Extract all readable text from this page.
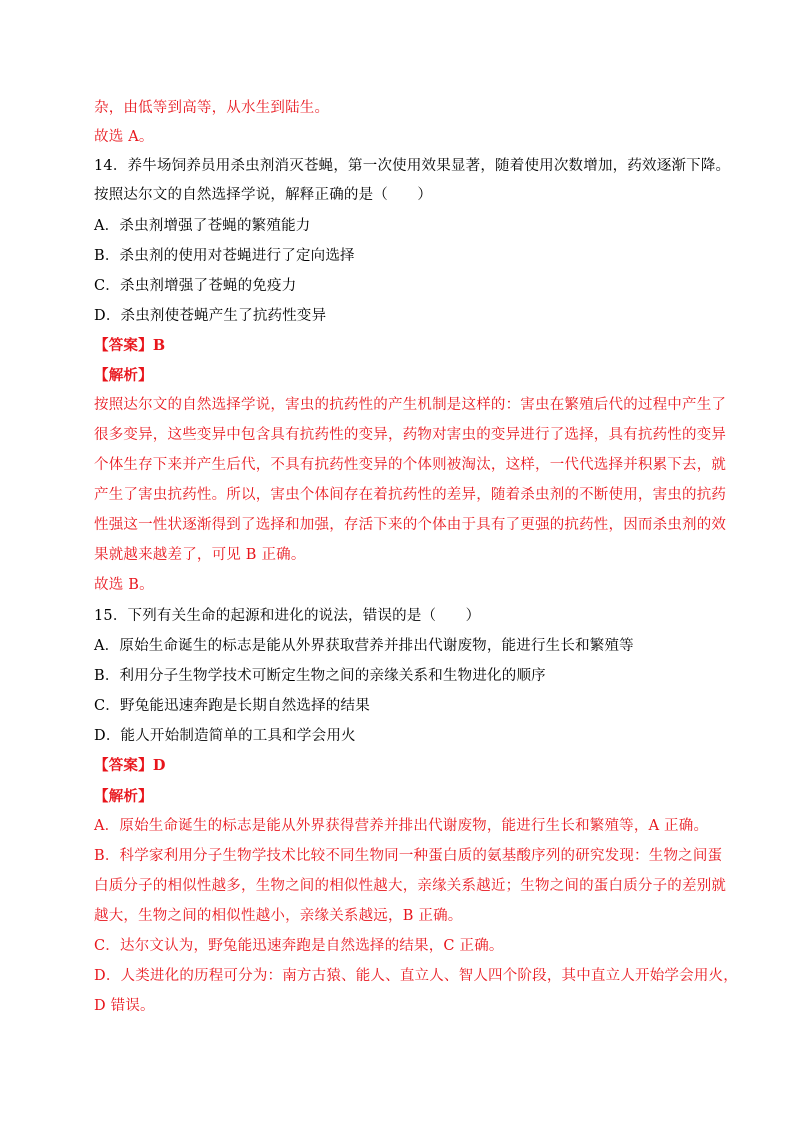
杂，由低等到高等，从水生到陆生。
故选 A。
14．养牛场饲养员用杀虫剂消灭苍蝇，第一次使用效果显著，随着使用次数增加，药效逐渐下降。
按照达尔文的自然选择学说，解释正确的是（　　）
A．杀虫剂增强了苍蝇的繁殖能力
B．杀虫剂的使用对苍蝇进行了定向选择
C．杀虫剂增强了苍蝇的免疫力
D．杀虫剂使苍蝇产生了抗药性变异
【答案】B
【解析】
按照达尔文的自然选择学说，害虫的抗药性的产生机制是这样的：害虫在繁殖后代的过程中产生了
很多变异，这些变异中包含具有抗药性的变异，药物对害虫的变异进行了选择，具有抗药性的变异
个体生存下来并产生后代，不具有抗药性变异的个体则被淘汰，这样，一代代选择并积累下去，就
产生了害虫抗药性。所以，害虫个体间存在着抗药性的差异，随着杀虫剂的不断使用，害虫的抗药
性强这一性状逐渐得到了选择和加强，存活下来的个体由于具有了更强的抗药性，因而杀虫剂的效
果就越来越差了，可见 B 正确。
故选 B。
15．下列有关生命的起源和进化的说法，错误的是（　　）
A．原始生命诞生的标志是能从外界获取营养并排出代谢废物，能进行生长和繁殖等
B．利用分子生物学技术可断定生物之间的亲缘关系和生物进化的顺序
C．野兔能迅速奔跑是长期自然选择的结果
D．能人开始制造简单的工具和学会用火
【答案】D
【解析】
A．原始生命诞生的标志是能从外界获得营养并排出代谢废物，能进行生长和繁殖等，A 正确。
B．科学家利用分子生物学技术比较不同生物同一种蛋白质的氨基酸序列的研究发现：生物之间蛋
白质分子的相似性越多，生物之间的相似性越大，亲缘关系越近；生物之间的蛋白质分子的差别就
越大，生物之间的相似性越小，亲缘关系越远，B 正确。
C．达尔文认为，野兔能迅速奔跑是自然选择的结果，C 正确。
D．人类进化的历程可分为：南方古猿、能人、直立人、智人四个阶段，其中直立人开始学会用火，
D 错误。
